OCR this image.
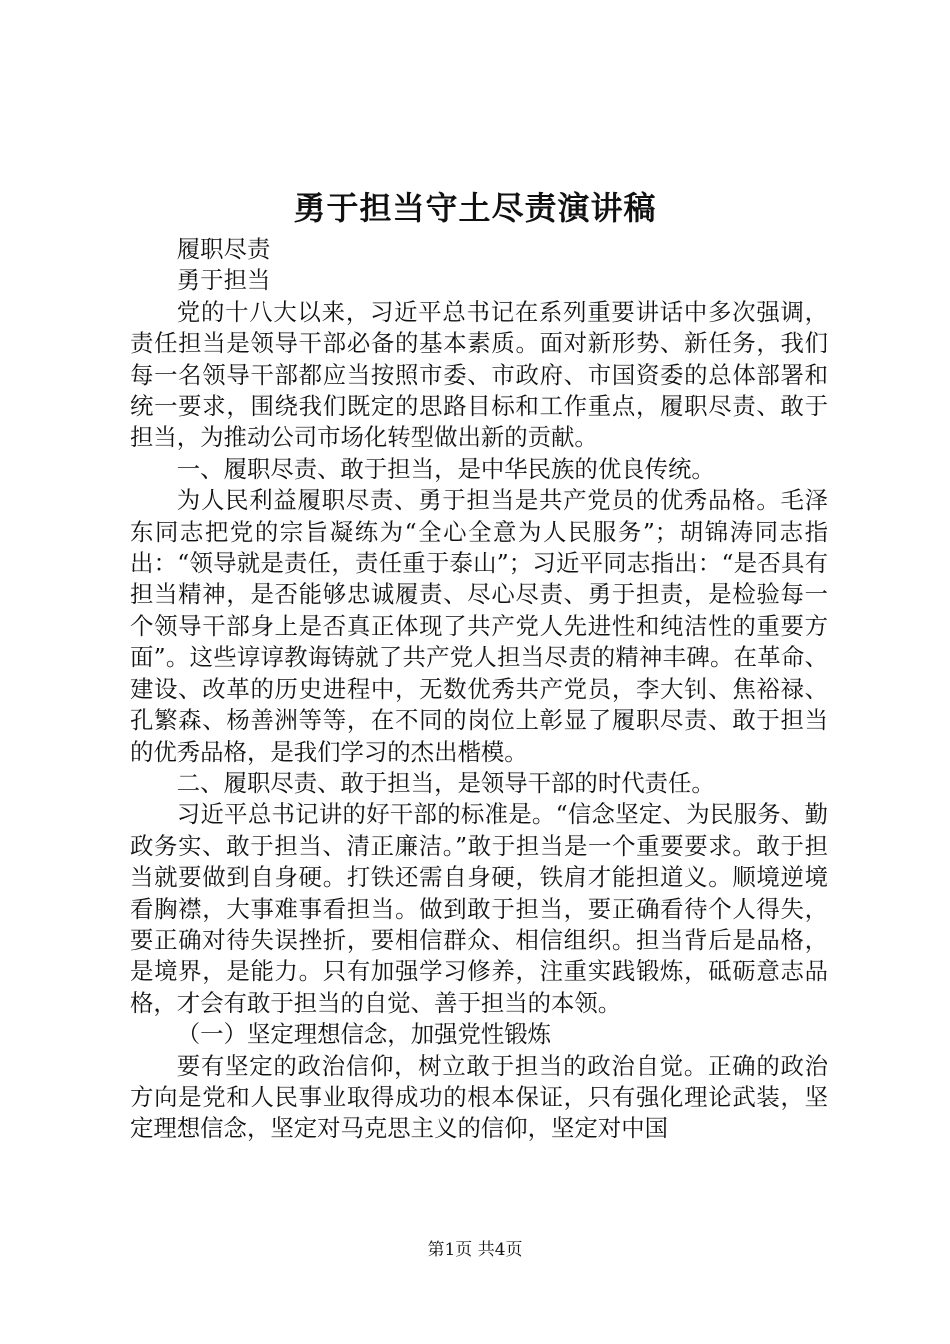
勇于担当守土尽责演讲稿

履职尽责

勇于担当

党的十八大以来，习近平总书记在系列重要讲话中多次强调，责任担当是领导干部必备的基本素质。面对新形势、新任务，我们每一名领导干部都应当按照市委、市政府、市国资委的总体部署和统一要求，围绕我们既定的思路目标和工作重点，履职尽责、敢于担当，为推动公司市场化转型做出新的贡献。

一、履职尽责、敢于担当，是中华民族的优良传统。

为人民利益履职尽责、勇于担当是共产党员的优秀品格。毛泽东同志把党的宗旨凝练为“全心全意为人民服务”；胡锦涛同志指出：“领导就是责任，责任重于泰山”；习近平同志指出：“是否具有担当精神，是否能够忠诚履责、尽心尽责、勇于担责，是检验每一个领导干部身上是否真正体现了共产党人先进性和纯洁性的重要方面”。这些谆谆教诲铸就了共产党人担当尽责的精神丰碑。在革命、建设、改革的历史进程中，无数优秀共产党员，李大钊、焦裕禄、孔繁森、杨善洲等等，在不同的岗位上彰显了履职尽责、敢于担当的优秀品格，是我们学习的杰出楷模。

二、履职尽责、敢于担当，是领导干部的时代责任。

习近平总书记讲的好干部的标准是。“信念坚定、为民服务、勤政务实、敢于担当、清正廉洁。”敢于担当是一个重要要求。敢于担当就要做到自身硬。打铁还需自身硬，铁肩才能担道义。顺境逆境看胸襟，大事难事看担当。做到敢于担当，要正确看待个人得失，要正确对待失误挫折，要相信群众、相信组织。担当背后是品格，是境界，是能力。只有加强学习修养，注重实践锻炼，砥砺意志品格，才会有敢于担当的自觉、善于担当的本领。

（一）坚定理想信念，加强党性锻炼

要有坚定的政治信仰，树立敢于担当的政治自觉。正确的政治方向是党和人民事业取得成功的根本保证，只有强化理论武装，坚定理想信念，坚定对马克思主义的信仰，坚定对中国

第1页 共4页
